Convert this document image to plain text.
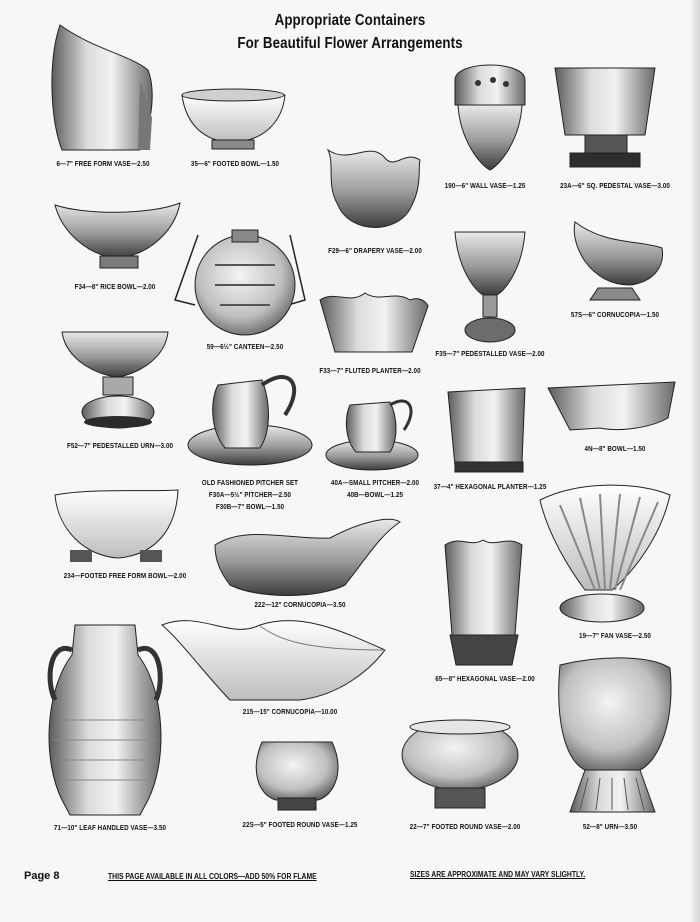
Appropriate Containers
For Beautiful Flower Arrangements
6—7" FREE FORM VASE—2.50	35—6" FOOTED BOWL—1.50
F29—6" DRAPERY VASE—2.00
190—6" WALL VASE—1.25	23A—6" SQ. PEDESTAL VASE—3.00
F34—8" RICE BOWL—2.00
59—6½" CANTEEN—2.50
F33—7" FLUTED PLANTER—2.00
F35—7" PEDESTALLED VASE—2.00
57S—6" CORNUCOPIA—1.50
F52—7" PEDESTALLED URN—3.00
OLD FASHIONED PITCHER SET
F30A—5½" PITCHER—2.50
F30B—7" BOWL—1.50
40A—SMALL PITCHER—2.00
40B—BOWL—1.25
37—4" HEXAGONAL PLANTER—1.25
4N—8" BOWL—1.50
234—FOOTED FREE FORM BOWL—2.00
222—12" CORNUCOPIA—3.50
19—7" FAN VASE—2.50
65—8" HEXAGONAL VASE—2.00
215—15" CORNUCOPIA—10.00
71—10" LEAF HANDLED VASE—3.50	22S—5" FOOTED ROUND VASE—1.25	22—7" FOOTED ROUND VASE—2.00	52—8" URN—3.50
Page 8	THIS PAGE AVAILABLE IN ALL COLORS—ADD 50% FOR FLAME	SIZES ARE APPROXIMATE AND MAY VARY SLIGHTLY.
